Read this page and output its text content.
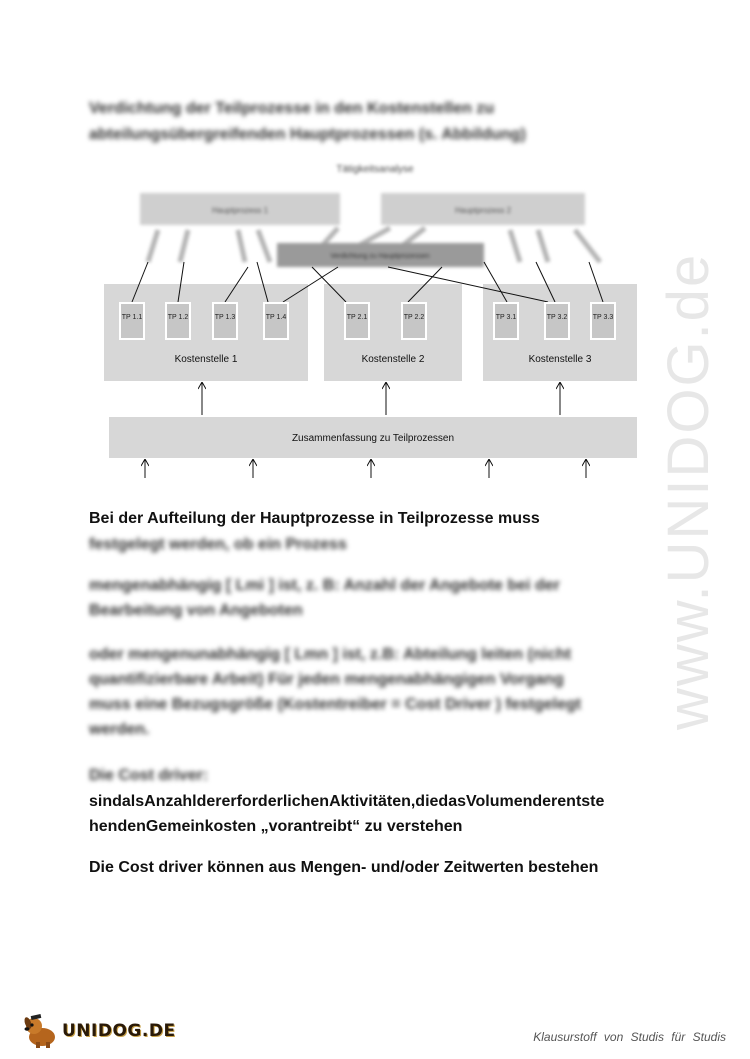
Verdichtung der Teilprozesse in den Kostenstellen zu
abteilungsübergreifenden Hauptprozessen (s. Abbildung)
Tätigkeitsanalyse
Hauptprozess 1	Hauptprozess 2
Verdichtung zu Hauptprozessen
TP 1.1	TP 1.2	TP 1.3	TP 1.4	TP 2.1	TP 2.2	TP 3.1	TP 3.2	TP 3.3
Kostenstelle 1	Kostenstelle 2	Kostenstelle 3
Zusammenfassung zu Teilprozessen

Bei der Aufteilung der Hauptprozesse in Teilprozesse muss

festgelegt werden, ob ein Prozess

mengenabhängig [ Lmi ] ist, z. B: Anzahl der Angebote bei der
Bearbeitung von Angeboten
oder mengenunabhängig [ Lmn ] ist, z.B: Abteilung leiten (nicht
quantifizierbare Arbeit) Für jeden mengenabhängigen Vorgang
muss eine Bezugsgröße (Kostentreiber = Cost Driver ) festgelegt
werden.

Die Cost driver:

sindalsAnzahldererforderlichenAktivitäten,diedasVolumenderentste

hendenGemeinkosten „vorantreibt“ zu verstehen

Die Cost driver können aus Mengen- und/oder Zeitwerten bestehen

www.UNIDOG.de
UNIDOG.DE	Klausurstoff von Studis für Studis
